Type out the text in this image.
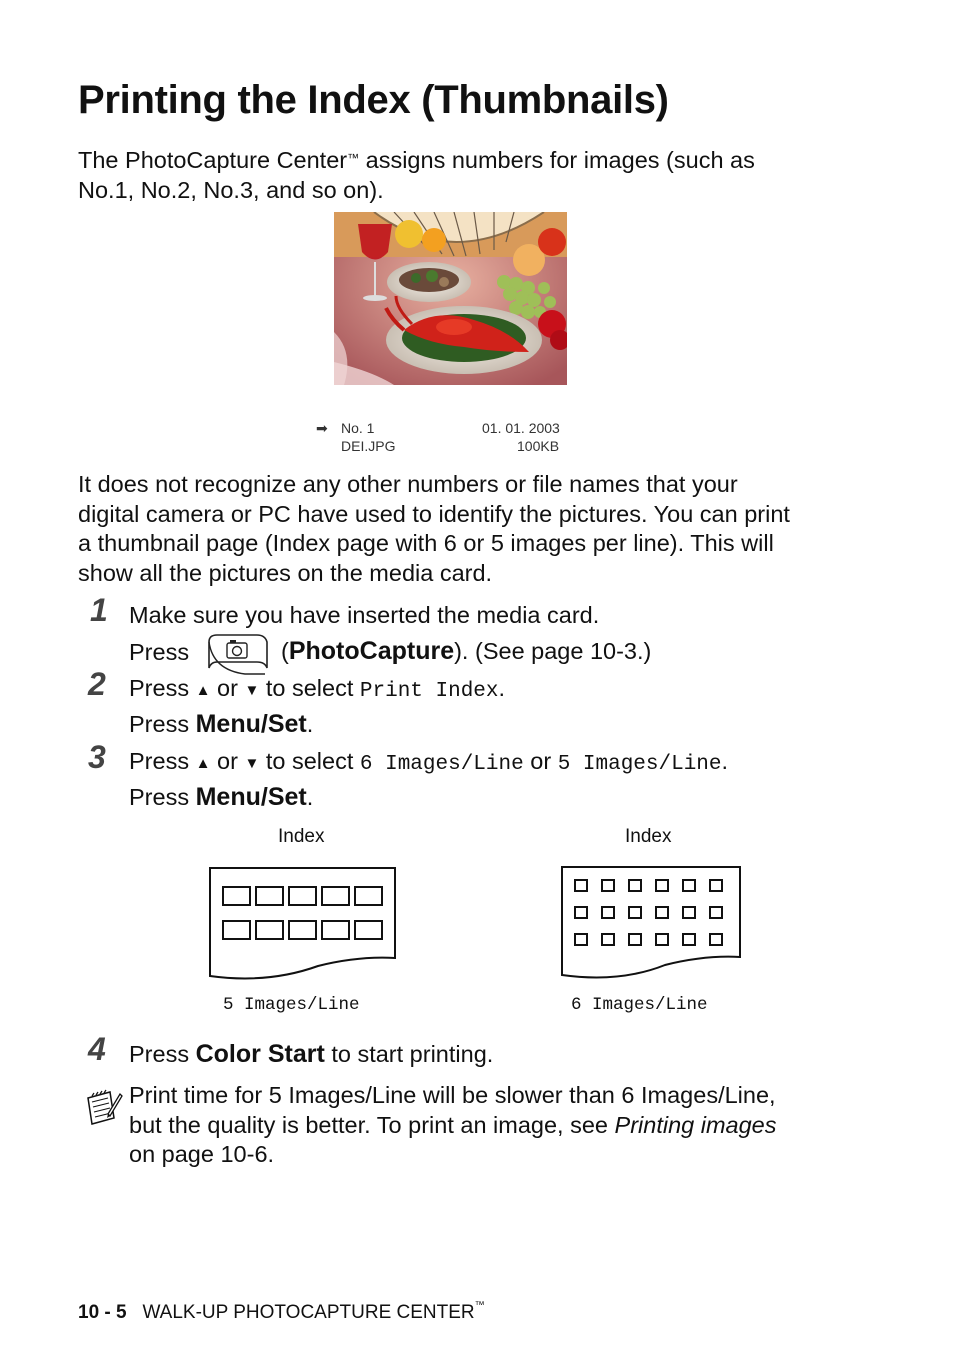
Printing the Index (Thumbnails)

The PhotoCapture Center™ assigns numbers for images (such as

No.1, No.2, No.3, and so on).

➡ No. 1	01. 01. 2003
DEI.JPG	100KB

It does not recognize any other numbers or file names that your

digital camera or PC have used to identify the pictures. You can print

a thumbnail page (Index page with 6 or 5 images per line). This will

show all the pictures on the media card.

1 Make sure you have inserted the media card.
Press	(PhotoCapture). (See page 10-3.)
2 Press ▲ or ▼ to select Print Index.
Press Menu/Set.
3 Press ▲ or ▼ to select 6 Images/Line or 5 Images/Line.
Press Menu/Set.
Index	Index
5 Images/Line	6 Images/Line
4 Press Color Start to start printing.

Print time for 5 Images/Line will be slower than 6 Images/Line,

but the quality is better. To print an image, see Printing images

on page 10-6.

10 - 5 WALK-UP PHOTOCAPTURE CENTER™
